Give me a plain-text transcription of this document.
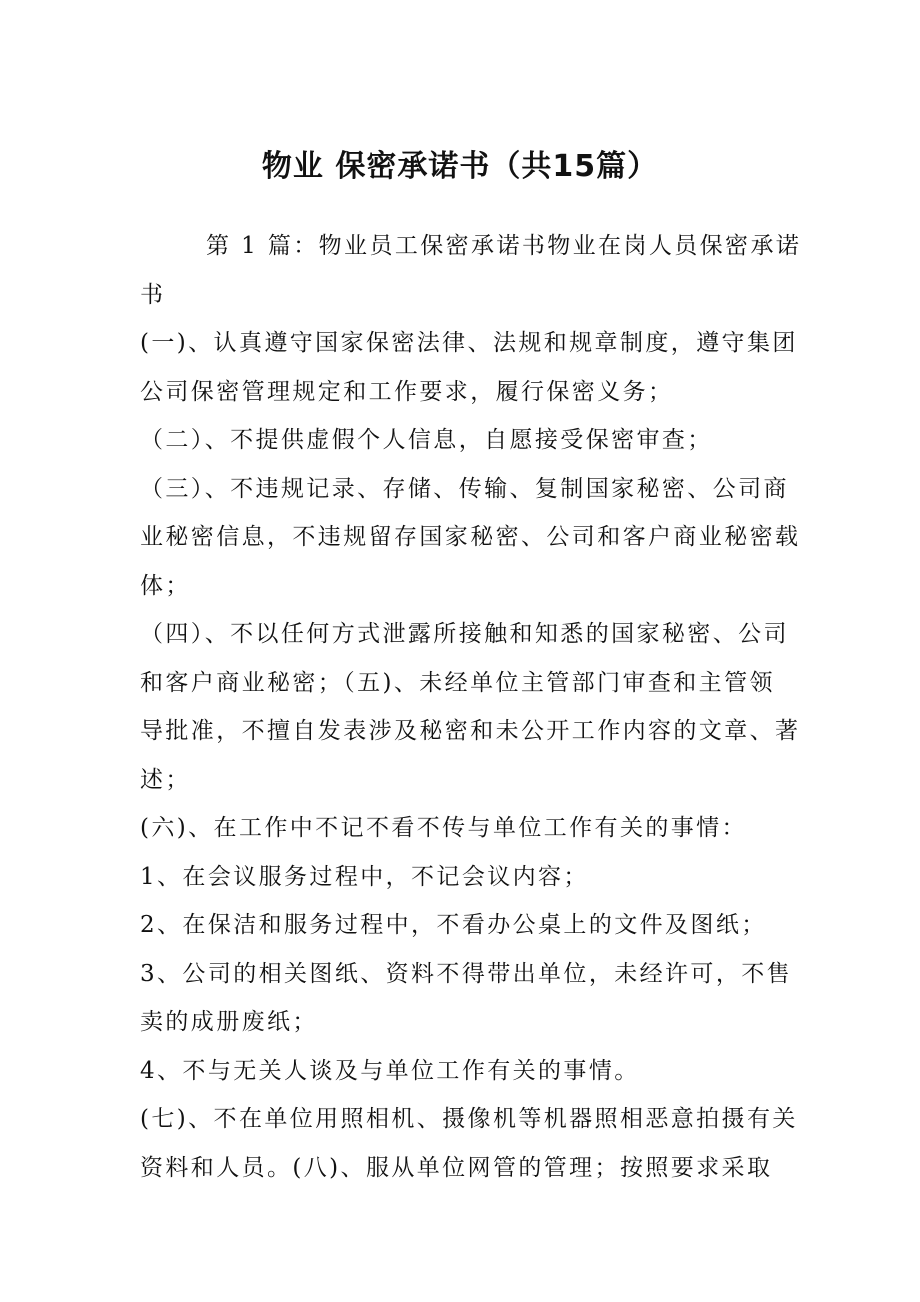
物业 保密承诺书（共15篇）

第 1 篇：物业员工保密承诺书物业在岗人员保密承诺
书

(一)、认真遵守国家保密法律、法规和规章制度，遵守集团
公司保密管理规定和工作要求，履行保密义务；

（二）、不提供虚假个人信息，自愿接受保密审查；

（三）、不违规记录、存储、传输、复制国家秘密、公司商
业秘密信息，不违规留存国家秘密、公司和客户商业秘密载
体；

（四）、不以任何方式泄露所接触和知悉的国家秘密、公司
和客户商业秘密；（五)、未经单位主管部门审查和主管领
导批准，不擅自发表涉及秘密和未公开工作内容的文章、著
述；

(六)、在工作中不记不看不传与单位工作有关的事情：

1、在会议服务过程中，不记会议内容；

2、在保洁和服务过程中，不看办公桌上的文件及图纸；

3、公司的相关图纸、资料不得带出单位，未经许可，不售
卖的成册废纸；

4、不与无关人谈及与单位工作有关的事情。

(七)、不在单位用照相机、摄像机等机器照相恶意拍摄有关
资料和人员。(八)、服从单位网管的管理；按照要求采取
